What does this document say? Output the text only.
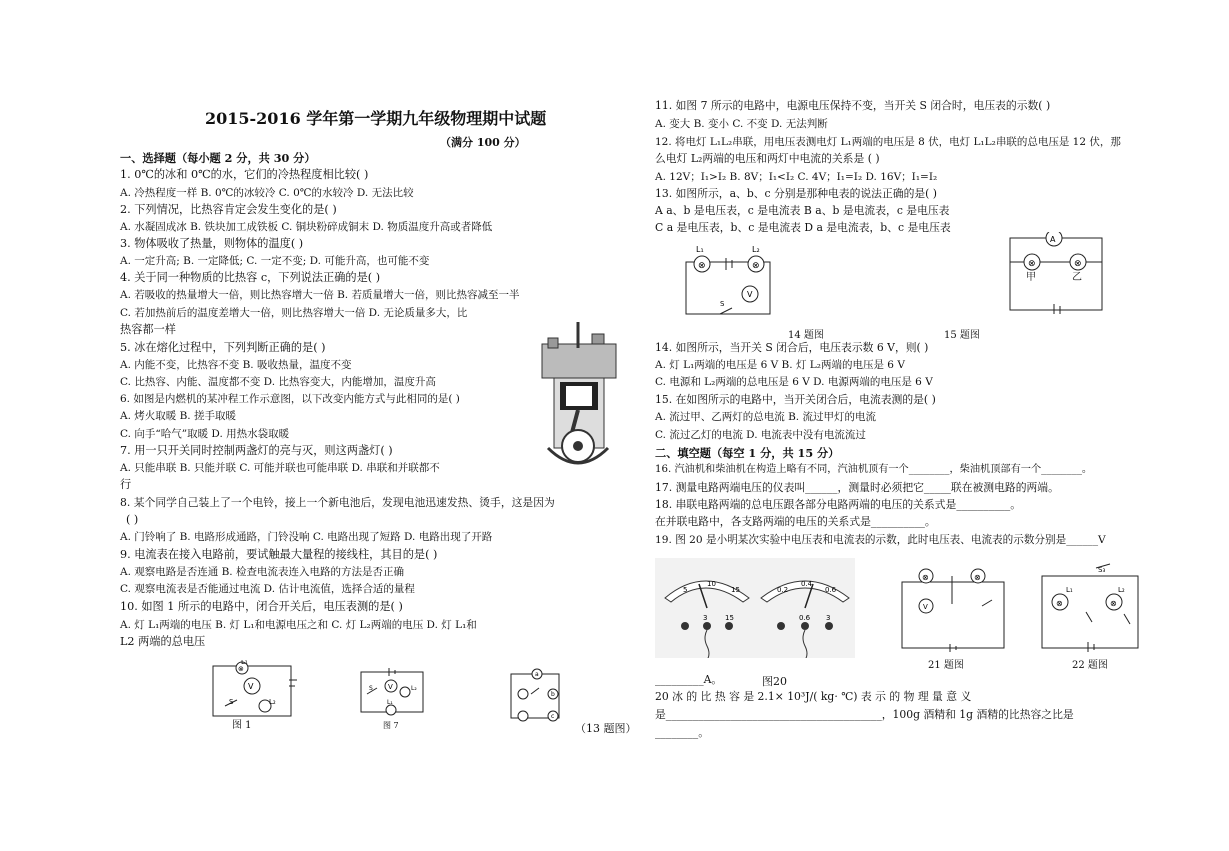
2015-2016 学年第一学期九年级物理期中试题
（满分 100 分）
一、选择题（每小题 2 分，共 30 分）
1. 0℃的冰和 0℃的水，它们的冷热程度相比较( )
A. 冷热程度一样 B. 0℃的冰较冷 C. 0℃的水较冷 D. 无法比较
2. 下列情况，比热容肯定会发生变化的是( )
A. 水凝固成冰 B. 铁块加工成铁板 C. 铜块粉碎成铜末 D. 物质温度升高或者降低
3. 物体吸收了热量，则物体的温度( )
A. 一定升高; B. 一定降低; C. 一定不变; D. 可能升高，也可能不变
4. 关于同一种物质的比热容 c，下列说法正确的是( )
A. 若吸收的热量增大一倍，则比热容增大一倍 B. 若质量增大一倍，则比热容减至一半
C. 若加热前后的温度差增大一倍，则比热容增大一倍 D. 无论质量多大，比
热容都一样
5. 冰在熔化过程中，下列判断正确的是( )
A. 内能不变，比热容不变 B. 吸收热量，温度不变
C. 比热容、内能、温度都不变 D. 比热容变大，内能增加，温度升高
6. 如图是内燃机的某冲程工作示意图，以下改变内能方式与此相同的是( )
A. 烤火取暖 B. 搓手取暖
C. 向手“哈气”取暖 D. 用热水袋取暖
7. 用一只开关同时控制两盏灯的亮与灭，则这两盏灯( )
A. 只能串联 B. 只能并联 C. 可能并联也可能串联 D. 串联和并联都不
行
8. 某个同学自己装上了一个电铃，接上一个新电池后，发现电池迅速发热、烫手，这是因为
( )
A. 门铃响了 B. 电路形成通路，门铃没响 C. 电路出现了短路 D. 电路出现了开路
9. 电流表在接入电路前，要试触最大量程的接线柱，其目的是( )
A. 观察电路是否连通 B. 检查电流表连入电路的方法是否正确
C. 观察电流表是否能通过电流 D. 估计电流值，选择合适的量程
10. 如图 1 所示的电路中，闭合开关后，电压表测的是( )
A. 灯 L₁两端的电压 B. 灯 L₁和电源电压之和 C. 灯 L₂两端的电压 D. 灯 L₁和
L2 两端的总电压
⊗
V
L₁
L₂
S
图 1
V
S	L₂
L₁
图 7
a
b
c
（13 题图）
11. 如图 7 所示的电路中，电源电压保持不变，当开关 S 闭合时，电压表的示数( )
A. 变大 B. 变小 C. 不变 D. 无法判断
12. 将电灯 L₁L₂串联，用电压表测电灯 L₁两端的电压是 8 伏，电灯 L₁L₂串联的总电压是 12 伏，那
么电灯 L₂两端的电压和两灯中电流的关系是 ( )
A. 12V；I₁>I₂ B. 8V；I₁<I₂ C. 4V；I₁=I₂ D. 16V；I₁=I₂
13. 如图所示，a、b、c 分别是那种电表的说法正确的是( )
A a、b 是电压表，c 是电流表 B a、b 是电流表，c 是电压表
C a 是电压表，b、c 是电流表 D a 是电流表，b、c 是电压表
⊗	⊗
V
L₁	L₂
S
14 题图
A
⊗	⊗
甲	乙
15 题图
14. 如图所示，当开关 S 闭合后，电压表示数 6 V，则( )
A. 灯 L₁两端的电压是 6 V B. 灯 L₂两端的电压是 6 V
C. 电源和 L₂两端的总电压是 6 V D. 电源两端的电压是 6 V
15. 在如图所示的电路中，当开关闭合后，电流表测的是( )
A. 流过甲、乙两灯的总电流 B. 流过甲灯的电流
C. 流过乙灯的电流 D. 电流表中没有电流流过
二、填空题（每空 1 分，共 15 分）
16. 汽油机和柴油机在构造上略有不同，汽油机顶有一个________，柴油机顶部有一个________。
17. 测量电路两端电压的仪表叫______，测量时必须把它_____联在被测电路的两端。
18. 串联电路两端的总电压跟各部分电路两端的电压的关系式是__________。
在并联电路中，各支路两端的电压的关系式是__________。
19. 图 20 是小明某次实验中电压表和电流表的示数，此时电压表、电流表的示数分别是______V
5
10
15	0.2
0.4
0.6
3	15	0.6 3
⊗	⊗
V
21 题图
⊗	⊗
S₃
L₁	L₂
22 题图
_________A。	图20
20 冰 的 比 热 容 是 2.1× 10³J/( kg· ℃) 表 示 的 物 理 量 意 义
是________________________________________，100g 酒精和 1g 酒精的比热容之比是
________。
